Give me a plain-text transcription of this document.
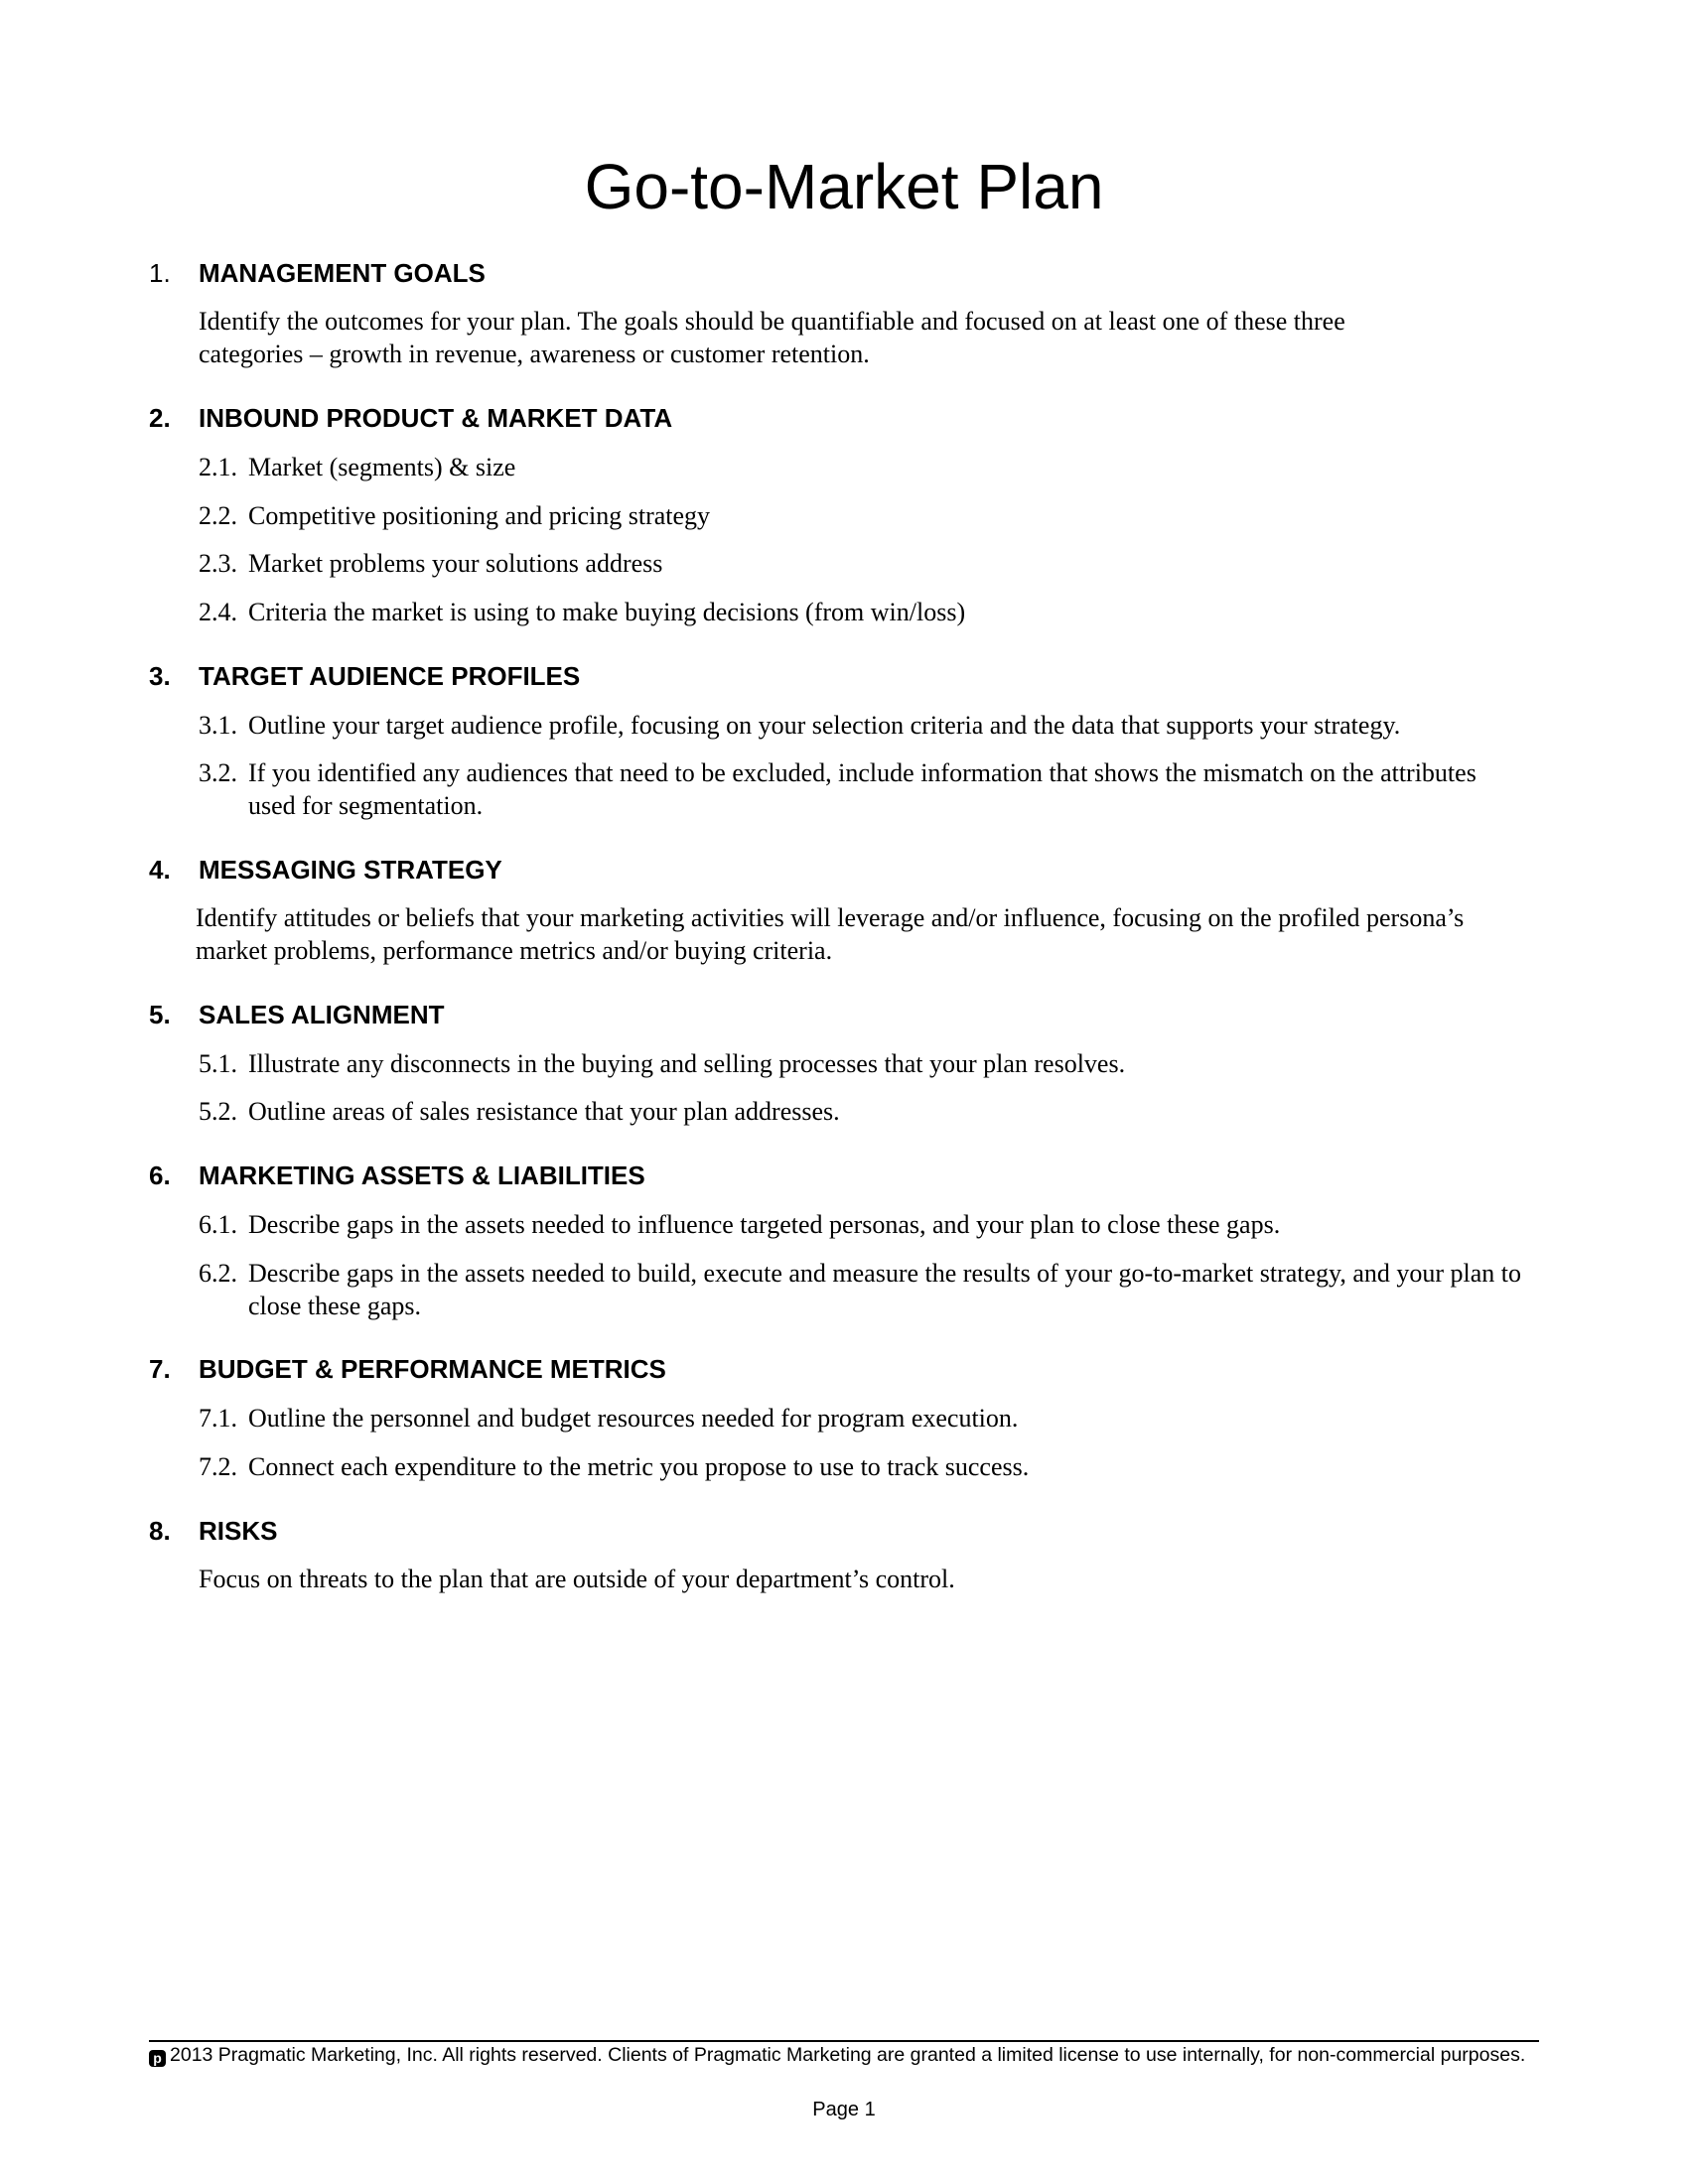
Go-to-Market Plan
1. MANAGEMENT GOALS
Identify the outcomes for your plan. The goals should be quantifiable and focused on at least one of these three categories – growth in revenue, awareness or customer retention.
2. INBOUND PRODUCT & MARKET DATA
2.1. Market (segments) & size
2.2. Competitive positioning and pricing strategy
2.3. Market problems your solutions address
2.4. Criteria the market is using to make buying decisions (from win/loss)
3. TARGET AUDIENCE PROFILES
3.1. Outline your target audience profile, focusing on your selection criteria and the data that supports your strategy.
3.2. If you identified any audiences that need to be excluded, include information that shows the mismatch on the attributes used for segmentation.
4. MESSAGING STRATEGY
Identify attitudes or beliefs that your marketing activities will leverage and/or influence, focusing on the profiled persona’s market problems, performance metrics and/or buying criteria.
5. SALES ALIGNMENT
5.1. Illustrate any disconnects in the buying and selling processes that your plan resolves.
5.2. Outline areas of sales resistance that your plan addresses.
6. MARKETING ASSETS & LIABILITIES
6.1. Describe gaps in the assets needed to influence targeted personas, and your plan to close these gaps.
6.2. Describe gaps in the assets needed to build, execute and measure the results of your go-to-market strategy, and your plan to close these gaps.
7. BUDGET & PERFORMANCE METRICS
7.1. Outline the personnel and budget resources needed for program execution.
7.2. Connect each expenditure to the metric you propose to use to track success.
8. RISKS
Focus on threats to the plan that are outside of your department’s control.
p 2013 Pragmatic Marketing, Inc. All rights reserved. Clients of Pragmatic Marketing are granted a limited license to use internally, for non-commercial purposes.
Page 1
